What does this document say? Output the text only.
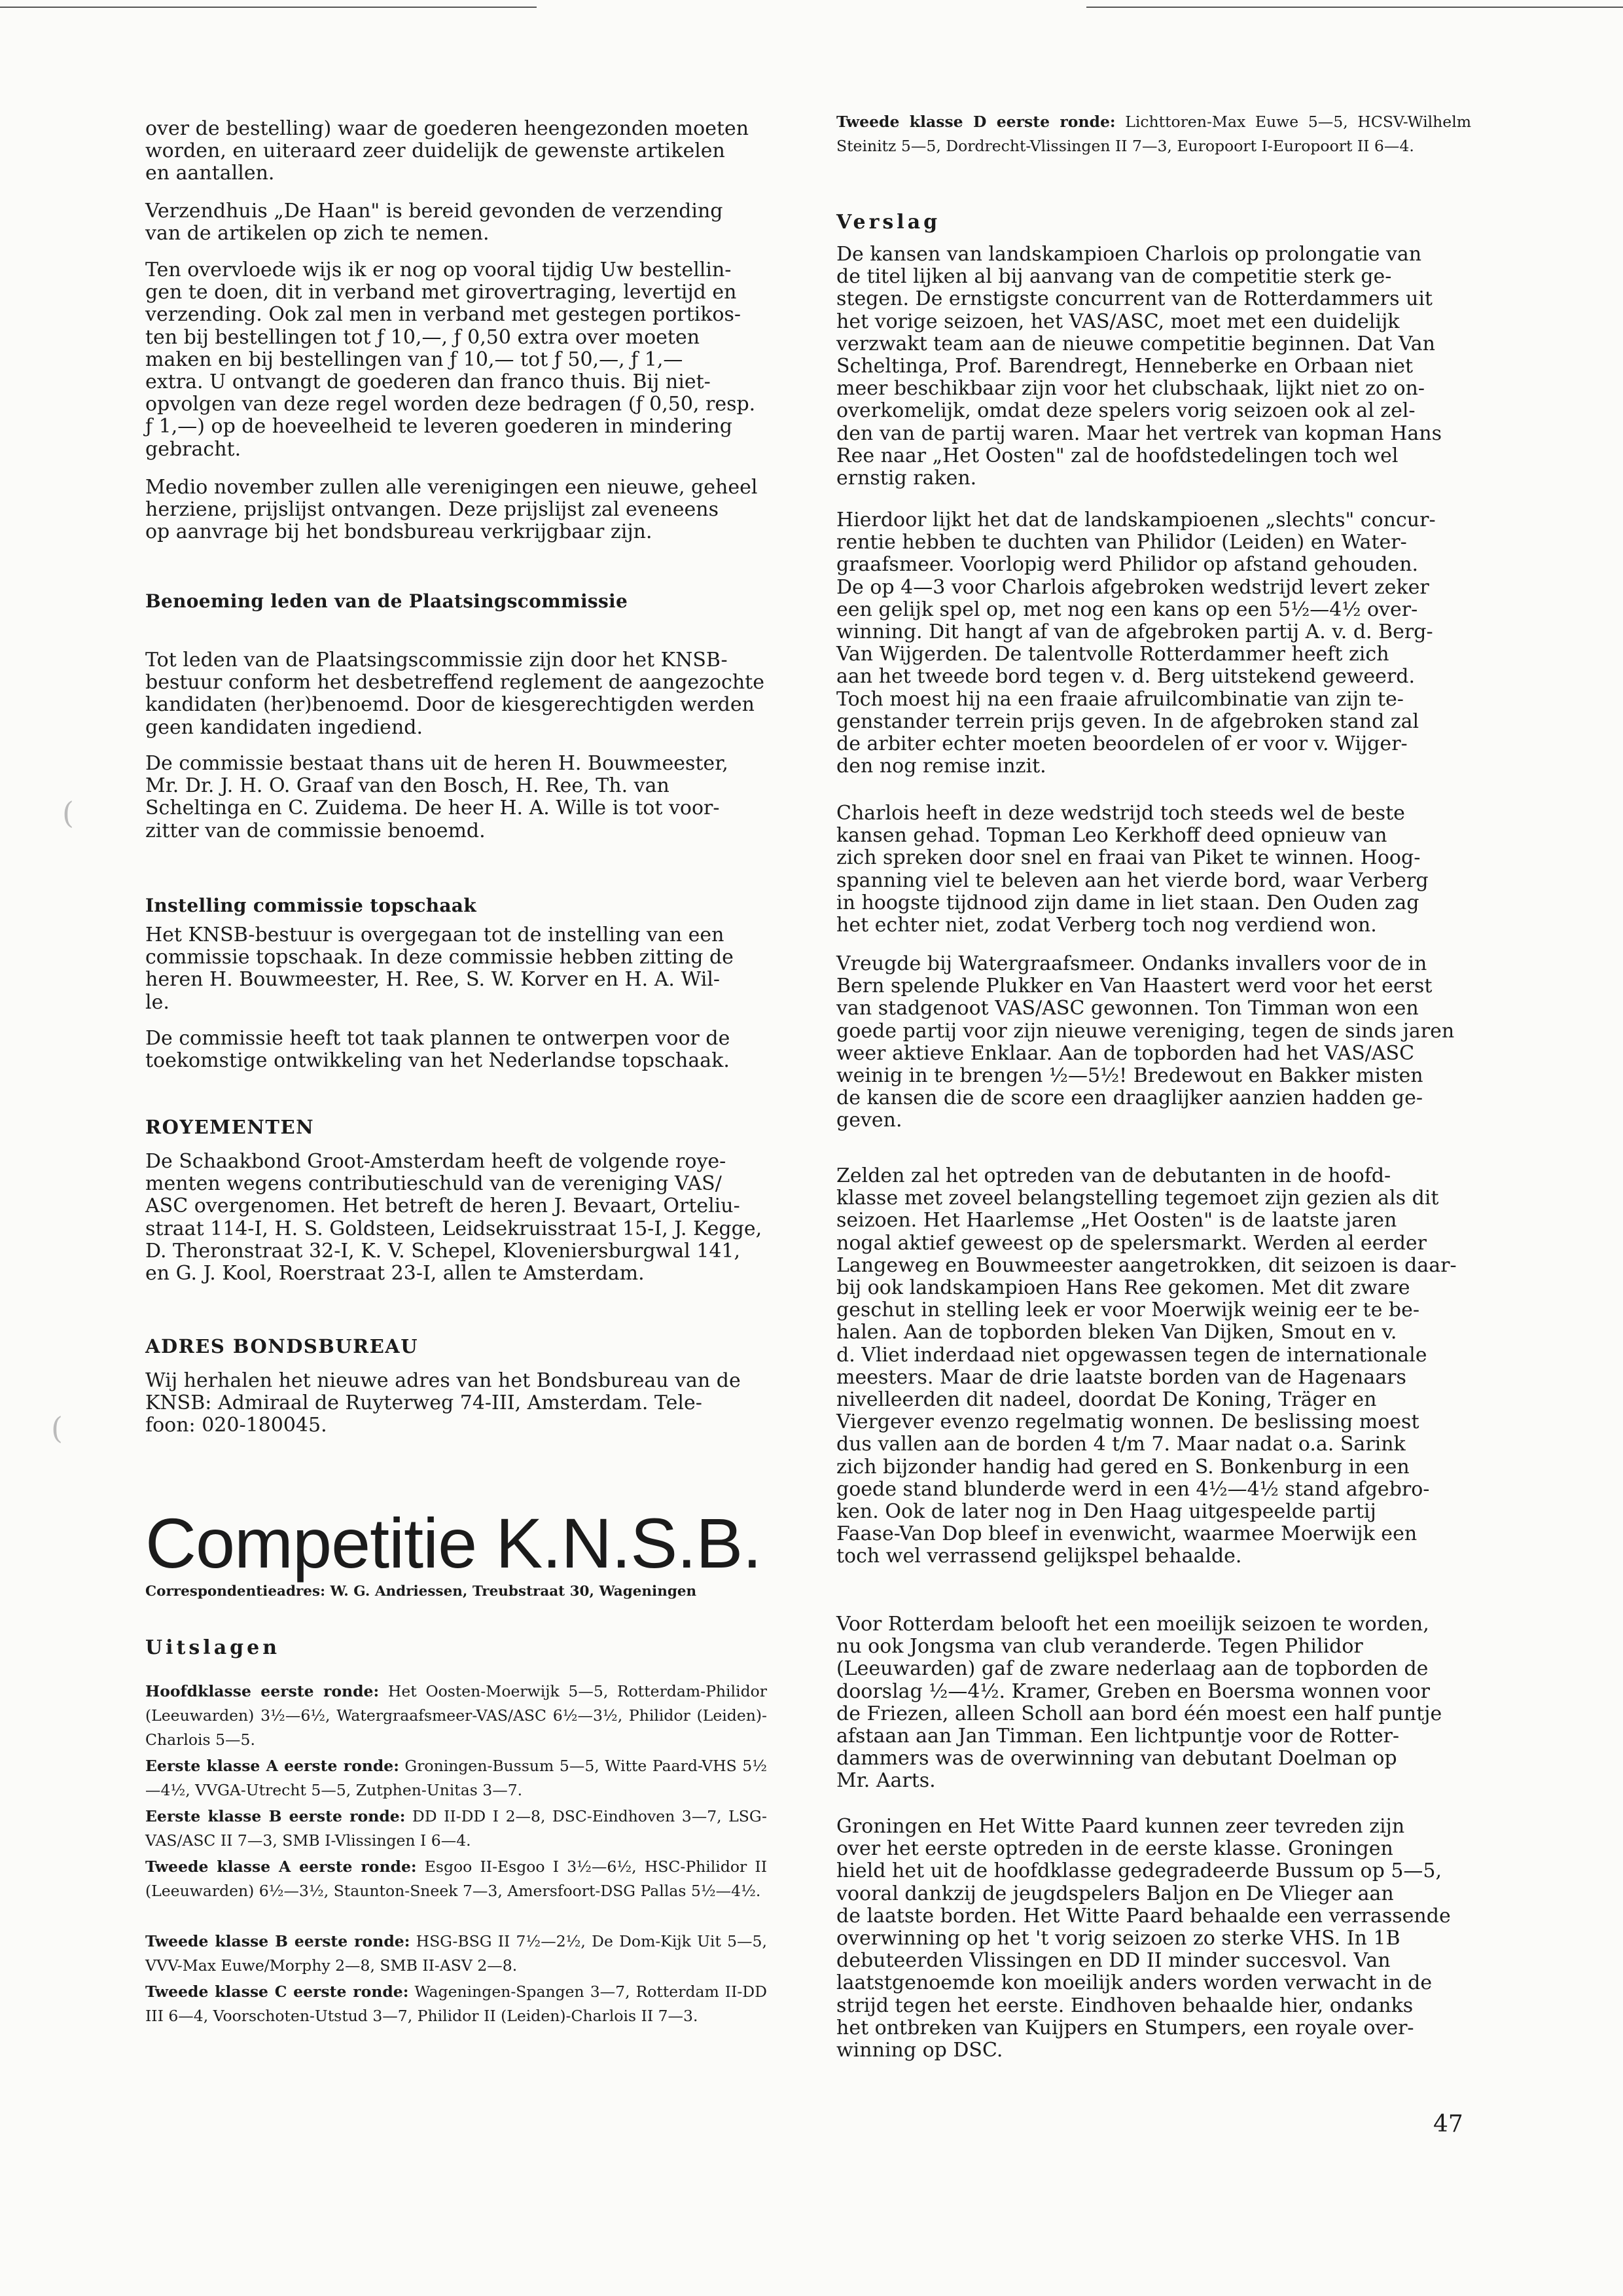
(
(

over de bestelling) waar de goederen heengezonden moeten
worden, en uiteraard zeer duidelijk de gewenste artikelen
en aantallen.

Verzendhuis „De Haan" is bereid gevonden de verzending
van de artikelen op zich te nemen.

Ten overvloede wijs ik er nog op vooral tijdig Uw bestellin-
gen te doen, dit in verband met girovertraging, levertijd en
verzending. Ook zal men in verband met gestegen portikos-
ten bij bestellingen tot ƒ 10,—, ƒ 0,50 extra over moeten
maken en bij bestellingen van ƒ 10,— tot ƒ 50,—, ƒ 1,—
extra. U ontvangt de goederen dan franco thuis. Bij niet-
opvolgen van deze regel worden deze bedragen (ƒ 0,50, resp.
ƒ 1,—) op de hoeveelheid te leveren goederen in mindering
gebracht.

Medio november zullen alle verenigingen een nieuwe, geheel
herziene, prijslijst ontvangen. Deze prijslijst zal eveneens
op aanvrage bij het bondsbureau verkrijgbaar zijn.

Benoeming leden van de Plaatsingscommissie

Tot leden van de Plaatsingscommissie zijn door het KNSB-
bestuur conform het desbetreffend reglement de aangezochte
kandidaten (her)benoemd. Door de kiesgerechtigden werden
geen kandidaten ingediend.

De commissie bestaat thans uit de heren H. Bouwmeester,
Mr. Dr. J. H. O. Graaf van den Bosch, H. Ree, Th. van
Scheltinga en C. Zuidema. De heer H. A. Wille is tot voor-
zitter van de commissie benoemd.

Instelling commissie topschaak

Het KNSB-bestuur is overgegaan tot de instelling van een
commissie topschaak. In deze commissie hebben zitting de
heren H. Bouwmeester, H. Ree, S. W. Korver en H. A. Wil-
le.

De commissie heeft tot taak plannen te ontwerpen voor de
toekomstige ontwikkeling van het Nederlandse topschaak.

ROYEMENTEN

De Schaakbond Groot-Amsterdam heeft de volgende roye-
menten wegens contributieschuld van de vereniging VAS/
ASC overgenomen. Het betreft de heren J. Bevaart, Orteliu-
straat 114-I, H. S. Goldsteen, Leidsekruisstraat 15-I, J. Kegge,
D. Theronstraat 32-I, K. V. Schepel, Kloveniersburgwal 141,
en G. J. Kool, Roerstraat 23-I, allen te Amsterdam.

ADRES BONDSBUREAU

Wij herhalen het nieuwe adres van het Bondsbureau van de
KNSB: Admiraal de Ruyterweg 74-III, Amsterdam. Tele-
foon: 020-180045.

Competitie K.N.S.B.

Correspondentieadres: W. G. Andriessen, Treubstraat 30, Wageningen

Uitslagen

Hoofdklasse eerste ronde: Het Oosten-Moerwijk 5—5, Rotterdam-Philidor (Leeuwarden) 3½—6½, Watergraafsmeer-VAS/ASC 6½—3½, Philidor (Leiden)-Charlois 5—5.

Eerste klasse A eerste ronde: Groningen-Bussum 5—5, Witte Paard-VHS 5½—4½, VVGA-Utrecht 5—5, Zutphen-Unitas 3—7.

Eerste klasse B eerste ronde: DD II-DD I 2—8, DSC-Eindhoven 3—7, LSG-VAS/ASC II 7—3, SMB I-Vlissingen I 6—4.

Tweede klasse A eerste ronde: Esgoo II-Esgoo I 3½—6½, HSC-Philidor II (Leeuwarden) 6½—3½, Staunton-Sneek 7—3, Amersfoort-DSG Pallas 5½—4½.

Tweede klasse B eerste ronde: HSG-BSG II 7½—2½, De Dom-Kijk Uit 5—5, VVV-Max Euwe/Morphy 2—8, SMB II-ASV 2—8.

Tweede klasse C eerste ronde: Wageningen-Spangen 3—7, Rotterdam II-DD III 6—4, Voorschoten-Utstud 3—7, Philidor II (Leiden)-Charlois II 7—3.

Tweede klasse D eerste ronde: Lichttoren-Max Euwe 5—5, HCSV-Wilhelm Steinitz 5—5, Dordrecht-Vlissingen II 7—3, Europoort I-Europoort II 6—4.

Verslag

De kansen van landskampioen Charlois op prolongatie van
de titel lijken al bij aanvang van de competitie sterk ge-
stegen. De ernstigste concurrent van de Rotterdammers uit
het vorige seizoen, het VAS/ASC, moet met een duidelijk
verzwakt team aan de nieuwe competitie beginnen. Dat Van
Scheltinga, Prof. Barendregt, Henneberke en Orbaan niet
meer beschikbaar zijn voor het clubschaak, lijkt niet zo on-
overkomelijk, omdat deze spelers vorig seizoen ook al zel-
den van de partij waren. Maar het vertrek van kopman Hans
Ree naar „Het Oosten" zal de hoofdstedelingen toch wel
ernstig raken.

Hierdoor lijkt het dat de landskampioenen „slechts" concur-
rentie hebben te duchten van Philidor (Leiden) en Water-
graafsmeer. Voorlopig werd Philidor op afstand gehouden.
De op 4—3 voor Charlois afgebroken wedstrijd levert zeker
een gelijk spel op, met nog een kans op een 5½—4½ over-
winning. Dit hangt af van de afgebroken partij A. v. d. Berg-
Van Wijgerden. De talentvolle Rotterdammer heeft zich
aan het tweede bord tegen v. d. Berg uitstekend geweerd.
Toch moest hij na een fraaie afruilcombinatie van zijn te-
genstander terrein prijs geven. In de afgebroken stand zal
de arbiter echter moeten beoordelen of er voor v. Wijger-
den nog remise inzit.

Charlois heeft in deze wedstrijd toch steeds wel de beste
kansen gehad. Topman Leo Kerkhoff deed opnieuw van
zich spreken door snel en fraai van Piket te winnen. Hoog-
spanning viel te beleven aan het vierde bord, waar Verberg
in hoogste tijdnood zijn dame in liet staan. Den Ouden zag
het echter niet, zodat Verberg toch nog verdiend won.

Vreugde bij Watergraafsmeer. Ondanks invallers voor de in
Bern spelende Plukker en Van Haastert werd voor het eerst
van stadgenoot VAS/ASC gewonnen. Ton Timman won een
goede partij voor zijn nieuwe vereniging, tegen de sinds jaren
weer aktieve Enklaar. Aan de topborden had het VAS/ASC
weinig in te brengen ½—5½! Bredewout en Bakker misten
de kansen die de score een draaglijker aanzien hadden ge-
geven.

Zelden zal het optreden van de debutanten in de hoofd-
klasse met zoveel belangstelling tegemoet zijn gezien als dit
seizoen. Het Haarlemse „Het Oosten" is de laatste jaren
nogal aktief geweest op de spelersmarkt. Werden al eerder
Langeweg en Bouwmeester aangetrokken, dit seizoen is daar-
bij ook landskampioen Hans Ree gekomen. Met dit zware
geschut in stelling leek er voor Moerwijk weinig eer te be-
halen. Aan de topborden bleken Van Dijken, Smout en v.
d. Vliet inderdaad niet opgewassen tegen de internationale
meesters. Maar de drie laatste borden van de Hagenaars
nivelleerden dit nadeel, doordat De Koning, Träger en
Viergever evenzo regelmatig wonnen. De beslissing moest
dus vallen aan de borden 4 t/m 7. Maar nadat o.a. Sarink
zich bijzonder handig had gered en S. Bonkenburg in een
goede stand blunderde werd in een 4½—4½ stand afgebro-
ken. Ook de later nog in Den Haag uitgespeelde partij
Faase-Van Dop bleef in evenwicht, waarmee Moerwijk een
toch wel verrassend gelijkspel behaalde.

Voor Rotterdam belooft het een moeilijk seizoen te worden,
nu ook Jongsma van club veranderde. Tegen Philidor
(Leeuwarden) gaf de zware nederlaag aan de topborden de
doorslag ½—4½. Kramer, Greben en Boersma wonnen voor
de Friezen, alleen Scholl aan bord één moest een half puntje
afstaan aan Jan Timman. Een lichtpuntje voor de Rotter-
dammers was de overwinning van debutant Doelman op
Mr. Aarts.

Groningen en Het Witte Paard kunnen zeer tevreden zijn
over het eerste optreden in de eerste klasse. Groningen
hield het uit de hoofdklasse gedegradeerde Bussum op 5—5,
vooral dankzij de jeugdspelers Baljon en De Vlieger aan
de laatste borden. Het Witte Paard behaalde een verrassende
overwinning op het 't vorig seizoen zo sterke VHS. In 1B
debuteerden Vlissingen en DD II minder succesvol. Van
laatstgenoemde kon moeilijk anders worden verwacht in de
strijd tegen het eerste. Eindhoven behaalde hier, ondanks
het ontbreken van Kuijpers en Stumpers, een royale over-
winning op DSC.

47
